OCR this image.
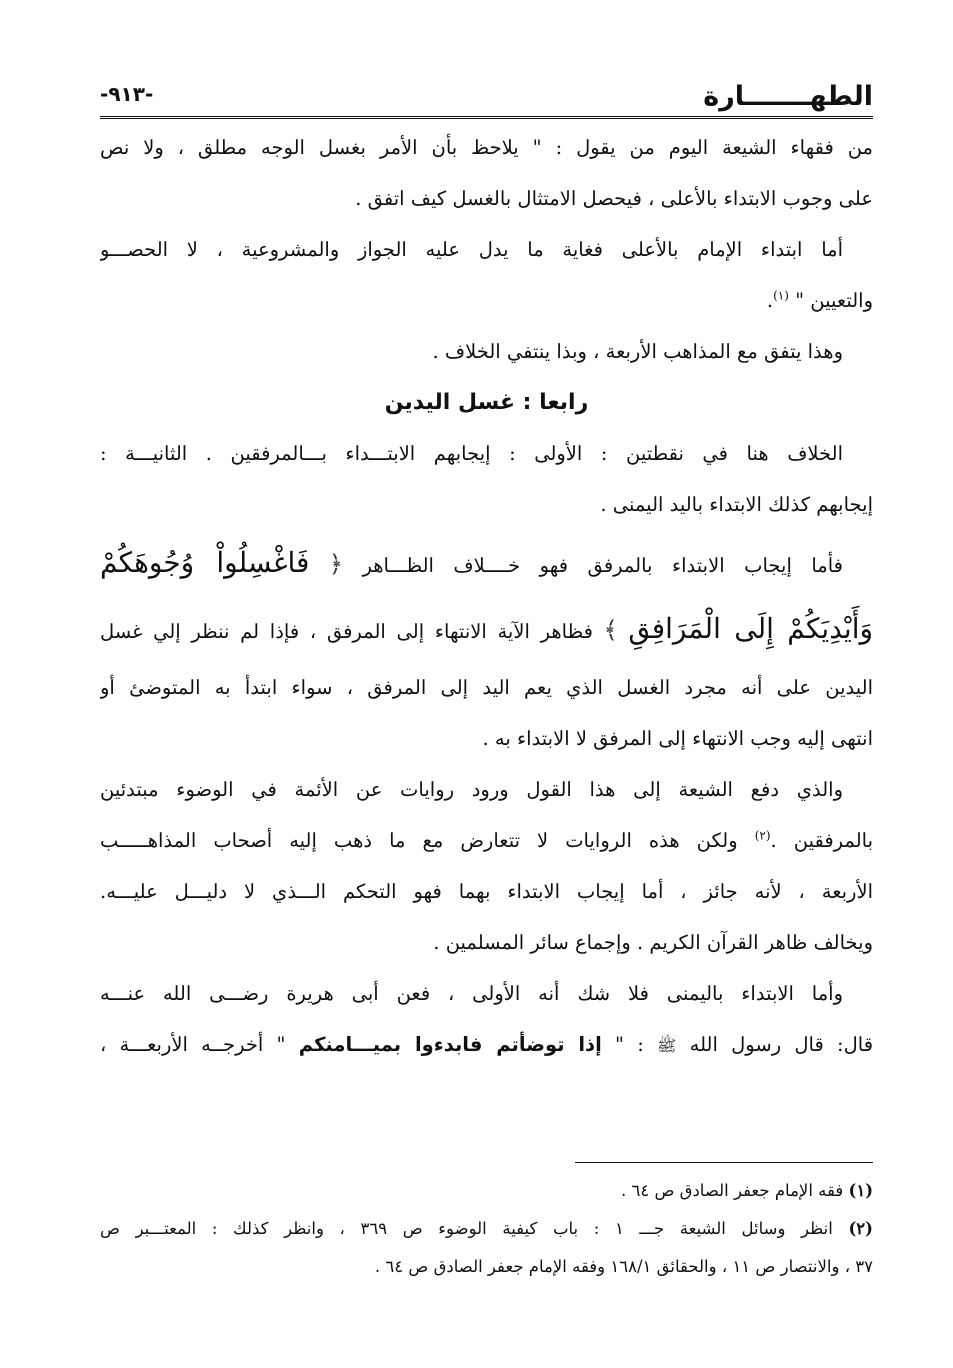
الطهـــــــارة
-٩١٣-
من فقهاء الشيعة اليوم من يقول : " يلاحظ بأن الأمر بغسل الوجه مطلق ، ولا نص
على وجوب الابتداء بالأعلى ، فيحصل الامتثال بالغسل كيف اتفق .
أما ابتداء الإمام بالأعلى فغاية ما يدل عليه الجواز والمشروعية ، لا الحصـــو
والتعيين " $^{(١)}$.
وهذا يتفق مع المذاهب الأربعة ، وبذا ينتفي الخلاف .
رابعا : غسل اليدين
الخلاف هنا في نقطتين : الأولى : إيجابهم الابتـــداء بـــالمرفقين . الثانيـــة :
إيجابهم كذلك الابتداء باليد اليمنى .
فأما إيجاب الابتداء بالمرفق فهو خــــلاف الظـــاهر ﴿ فَاغْسِلُواْ وُجُوهَكُمْ
وَأَيْدِيَكُمْ إِلَى الْمَرَافِقِ ﴾ فظاهر الآية الانتهاء إلى المرفق ، فإذا لم ننظر إلي غسل
اليدين على أنه مجرد الغسل الذي يعم اليد إلى المرفق ، سواء ابتدأ به المتوضئ أو
انتهى إليه وجب الانتهاء إلى المرفق لا الابتداء به .
والذي دفع الشيعة إلى هذا القول ورود روايات عن الأئمة في الوضوء مبتدئين
بالمرفقين .$^{(٢)}$ ولكن هذه الروايات لا تتعارض مع ما ذهب إليه أصحاب المذاهـــــب
الأربعة ، لأنه جائز ، أما إيجاب الابتداء بهما فهو التحكم الـــذي لا دليـــل عليـــه.
ويخالف ظاهر القرآن الكريم . وإجماع سائر المسلمين .
وأما الابتداء باليمنى فلا شك أنه الأولى ، فعن أبى هريرة رضـــى الله عنـــه
قال: قال رسول الله ﷺ : " إذا توضأتم فابدءوا بميـــامنكم " أخرجــه الأربعـــة ،
(١) فقه الإمام جعفر الصادق ص ٦٤ .
(٢) انظر وسائل الشيعة جـــ ١ : باب كيفية الوضوء ص ٣٦٩ ، وانظر كذلك : المعتـــبر ص
٣٧ ، والانتصار ص ١١ ، والحقائق ١٦٨/١ وفقه الإمام جعفر الصادق ص ٦٤ .
